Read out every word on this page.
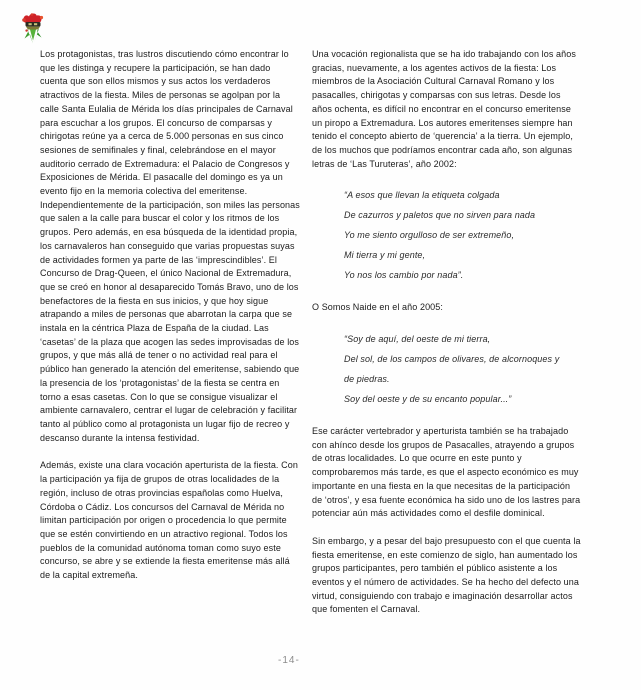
Los protagonistas, tras lustros discutiendo cómo encontrar lo que les distinga y recupere la participación, se han dado cuenta que son ellos mismos y sus actos los verdaderos atractivos de la fiesta. Miles de personas se agolpan por la calle Santa Eulalia de Mérida los días principales de Carnaval para escuchar a los grupos. El concurso de comparsas y chirigotas reúne ya a cerca de 5.000 personas en sus cinco sesiones de semifinales y final, celebrándose en el mayor auditorio cerrado de Extremadura: el Palacio de Congresos y Exposiciones de Mérida. El pasacalle del domingo es ya un evento fijo en la memoria colectiva del emeritense. Independientemente de la participación, son miles las personas que salen a la calle para buscar el color y los ritmos de los grupos. Pero además, en esa búsqueda de la identidad propia, los carnavaleros han conseguido que varias propuestas suyas de actividades formen ya parte de las ‘imprescindibles’. El Concurso de Drag-Queen, el único Nacional de Extremadura, que se creó en honor al desaparecido Tomás Bravo, uno de los benefactores de la fiesta en sus inicios, y que hoy sigue atrapando a miles de personas que abarrotan la carpa que se instala en la céntrica Plaza de España de la ciudad. Las ‘casetas’ de la plaza que acogen las sedes improvisadas de los grupos, y que más allá de tener o no actividad real para el público han generado la atención del emeritense, sabiendo que la presencia de los ‘protagonistas’ de la fiesta se centra en torno a esas casetas. Con lo que se consigue visualizar el ambiente carnavalero, centrar el lugar de celebración y facilitar tanto al público como al protagonista un lugar fijo de recreo y descanso durante la intensa festividad.

Además, existe una clara vocación aperturista de la fiesta. Con la participación ya fija de grupos de otras localidades de la región, incluso de otras provincias españolas como Huelva, Córdoba o Cádiz. Los concursos del Carnaval de Mérida no limitan participación por origen o procedencia lo que permite que se estén convirtiendo en un atractivo regional. Todos los pueblos de la comunidad autónoma toman como suyo este concurso, se abre y se extiende la fiesta emeritense más allá de la capital extremeña.

Una vocación regionalista que se ha ido trabajando con los años gracias, nuevamente, a los agentes activos de la fiesta: Los miembros de la Asociación Cultural Carnaval Romano y los pasacalles, chirigotas y comparsas con sus letras. Desde los años ochenta, es difícil no encontrar en el concurso emeritense un piropo a Extremadura. Los autores emeritenses siempre han tenido el concepto abierto de ‘querencia’ a la tierra. Un ejemplo, de los muchos que podríamos encontrar cada año, son algunas letras de ‘Las Turuteras’, año 2002:

“A esos que llevan la etiqueta colgada
De cazurros y paletos que no sirven para nada
Yo me siento orgulloso de ser extremeño,
Mi tierra y mi gente,
Yo nos los cambio por nada”.

O Somos Naide en el año 2005:

“Soy de aquí, del oeste de mi tierra,
Del sol, de los campos de olivares, de alcornoques y
de piedras.
Soy del oeste y de su encanto popular...”

Ese carácter vertebrador y aperturista también se ha trabajado con ahínco desde los grupos de Pasacalles, atrayendo a grupos de otras localidades. Lo que ocurre en este punto y comprobaremos más tarde, es que el aspecto económico es muy importante en una fiesta en la que necesitas de la participación de ‘otros’, y esa fuente económica ha sido uno de los lastres para potenciar aún más actividades como el desfile dominical.

Sin embargo, y a pesar del bajo presupuesto con el que cuenta la fiesta emeritense, en este comienzo de siglo, han aumentado los grupos participantes, pero también el público asistente a los eventos y el número de actividades. Se ha hecho del defecto una virtud, consiguiendo con trabajo e imaginación desarrollar actos que fomenten el Carnaval.

-14-
